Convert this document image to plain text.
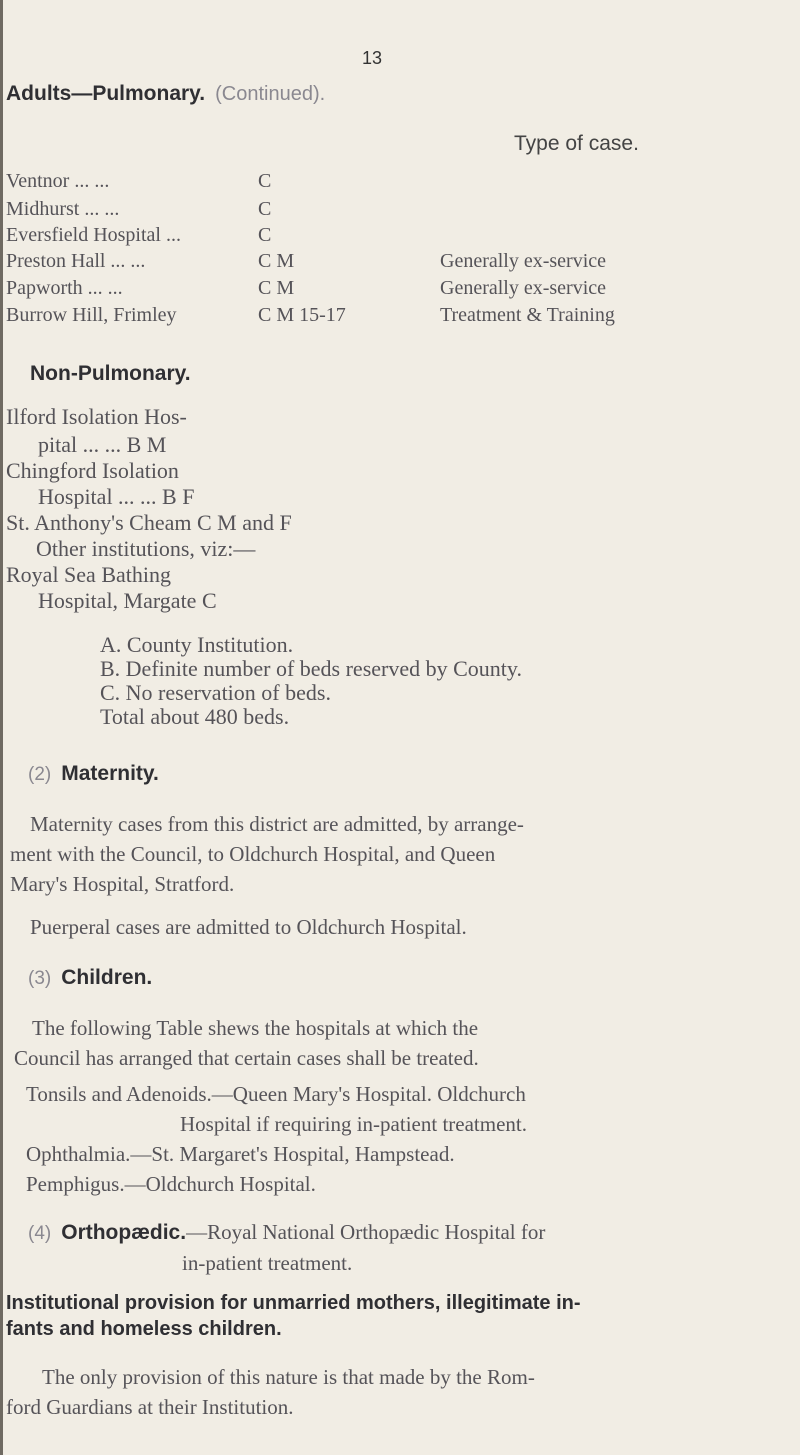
13
Adults—Pulmonary. (Continued).
Type of case.
Ventnor ... ...	C
Midhurst ... ...	C
Eversfield Hospital ...	C
Preston Hall ... ...	C M	Generally ex-service
Papworth ... ...	C M	Generally ex-service
Burrow Hill, Frimley	C M 15-17	Treatment & Training
Non-Pulmonary.
Ilford Isolation Hos-
pital ... ... B M
Chingford Isolation
Hospital ... ... B F
St. Anthony's Cheam C M and F
Other institutions, viz:—
Royal Sea Bathing
Hospital, Margate C
A. County Institution.
B. Definite number of beds reserved by County.
C. No reservation of beds.
Total about 480 beds.
(2) Maternity.
Maternity cases from this district are admitted, by arrange-
ment with the Council, to Oldchurch Hospital, and Queen
Mary's Hospital, Stratford.
Puerperal cases are admitted to Oldchurch Hospital.
(3) Children.
The following Table shews the hospitals at which the
Council has arranged that certain cases shall be treated.
Tonsils and Adenoids.—Queen Mary's Hospital. Oldchurch
Hospital if requiring in-patient treatment.
Ophthalmia.—St. Margaret's Hospital, Hampstead.
Pemphigus.—Oldchurch Hospital.
(4) Orthopædic.—Royal National Orthopædic Hospital for
in-patient treatment.
Institutional provision for unmarried mothers, illegitimate in-
fants and homeless children.
The only provision of this nature is that made by the Rom-
ford Guardians at their Institution.
